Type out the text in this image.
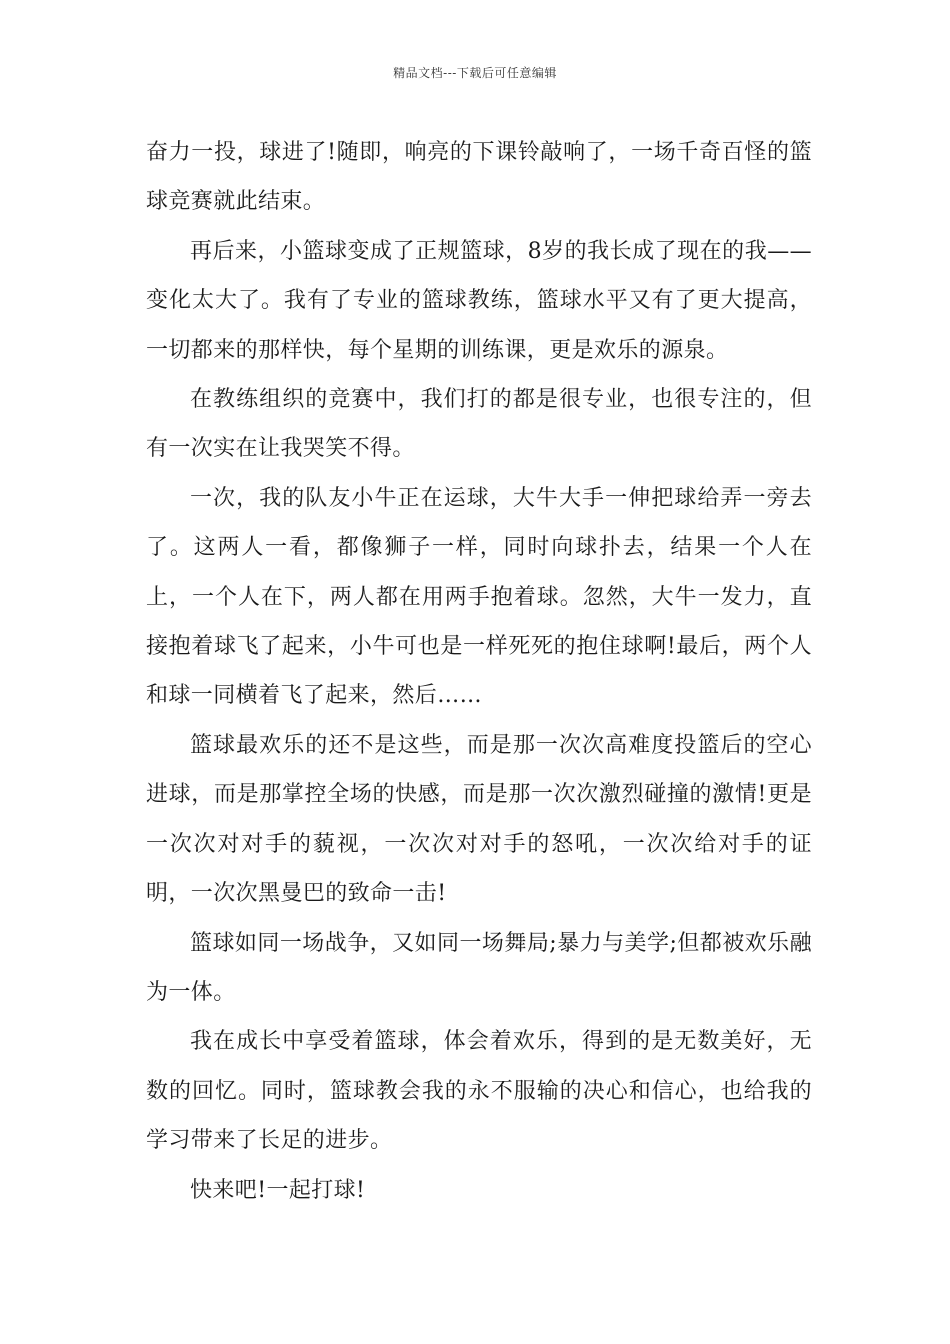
精品文档---下载后可任意编辑

奋力一投，球进了!随即，响亮的下课铃敲响了，一场千奇百怪的篮球竞赛就此结束。

再后来，小篮球变成了正规篮球，8岁的我长成了现在的我——变化太大了。我有了专业的篮球教练，篮球水平又有了更大提高，一切都来的那样快，每个星期的训练课，更是欢乐的源泉。

在教练组织的竞赛中，我们打的都是很专业，也很专注的，但有一次实在让我哭笑不得。

一次，我的队友小牛正在运球，大牛大手一伸把球给弄一旁去了。这两人一看，都像狮子一样，同时向球扑去，结果一个人在上，一个人在下，两人都在用两手抱着球。忽然，大牛一发力，直接抱着球飞了起来，小牛可也是一样死死的抱住球啊!最后，两个人和球一同横着飞了起来，然后……

篮球最欢乐的还不是这些，而是那一次次高难度投篮后的空心进球，而是那掌控全场的快感，而是那一次次激烈碰撞的激情!更是一次次对对手的藐视，一次次对对手的怒吼，一次次给对手的证明，一次次黑曼巴的致命一击!

篮球如同一场战争，又如同一场舞局;暴力与美学;但都被欢乐融为一体。

我在成长中享受着篮球，体会着欢乐，得到的是无数美好，无数的回忆。同时，篮球教会我的永不服输的决心和信心，也给我的学习带来了长足的进步。

快来吧!一起打球!
